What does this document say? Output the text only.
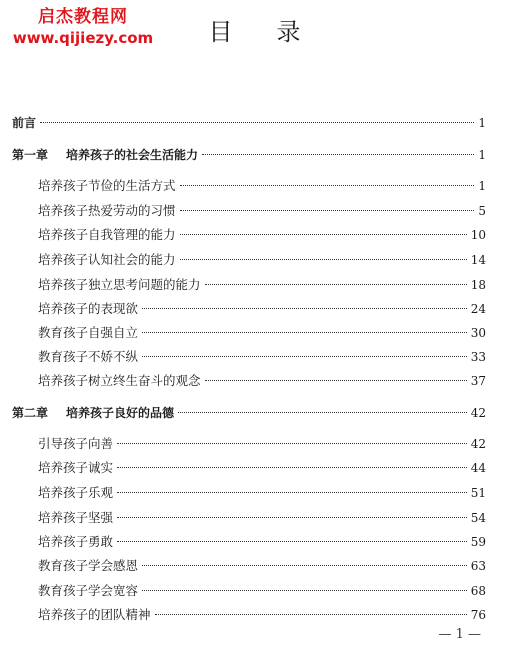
启杰教程网
www.qijiezy.com	目录
前言	1
第一章 培养孩子的社会生活能力	1
培养孩子节俭的生活方式	1
培养孩子热爱劳动的习惯	5
培养孩子自我管理的能力	10
培养孩子认知社会的能力	14
培养孩子独立思考问题的能力	18
培养孩子的表现欲	24
教育孩子自强自立	30
教育孩子不娇不纵	33
培养孩子树立终生奋斗的观念	37
第二章 培养孩子良好的品德	42
引导孩子向善	42
培养孩子诚实	44
培养孩子乐观	51
培养孩子坚强	54
培养孩子勇敢	59
教育孩子学会感恩	63
教育孩子学会宽容	68
培养孩子的团队精神	76
— 1 —
